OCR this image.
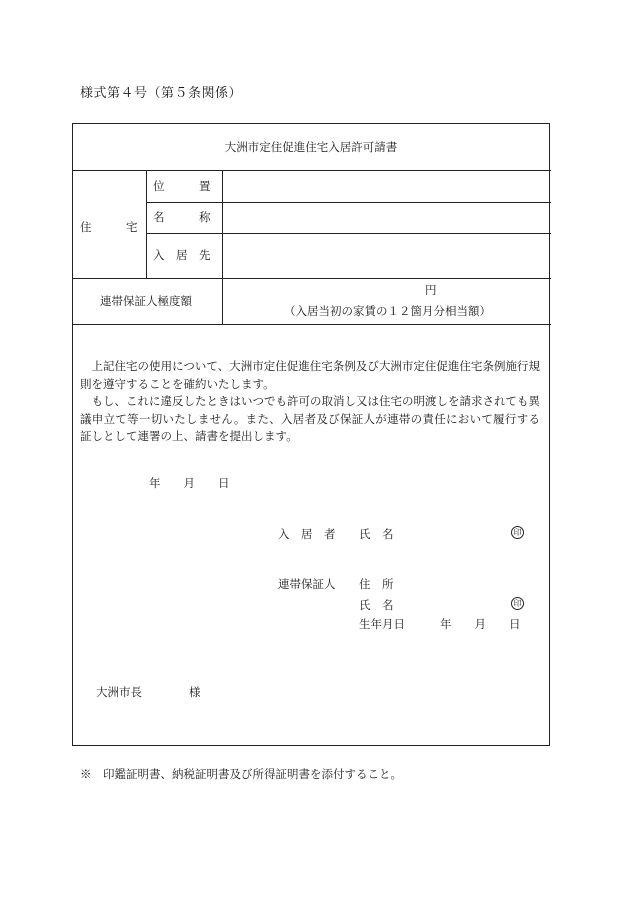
様式第４号（第５条関係）
大洲市定住促進住宅入居許可請書
住　　　宅
位　　　置
名　　　称
入　居　先
連帯保証人極度額
円
（入居当初の家賃の１２箇月分相当額）

上記住宅の使用について、大洲市定住促進住宅条例及び大洲市定住促進住宅条例施行規則を遵守することを確約いたします。

もし、これに違反したときはいつでも許可の取消し又は住宅の明渡しを請求されても異議申立て等一切いたしません。また、入居者及び保証人が連帯の責任において履行する証しとして連署の上、請書を提出します。

年　　月　　日
入　居　者 氏　名	印
連帯保証人 住　所
氏　名	印
生年月日	年　　月　　日
大洲市長	様
※　印鑑証明書、納税証明書及び所得証明書を添付すること。
